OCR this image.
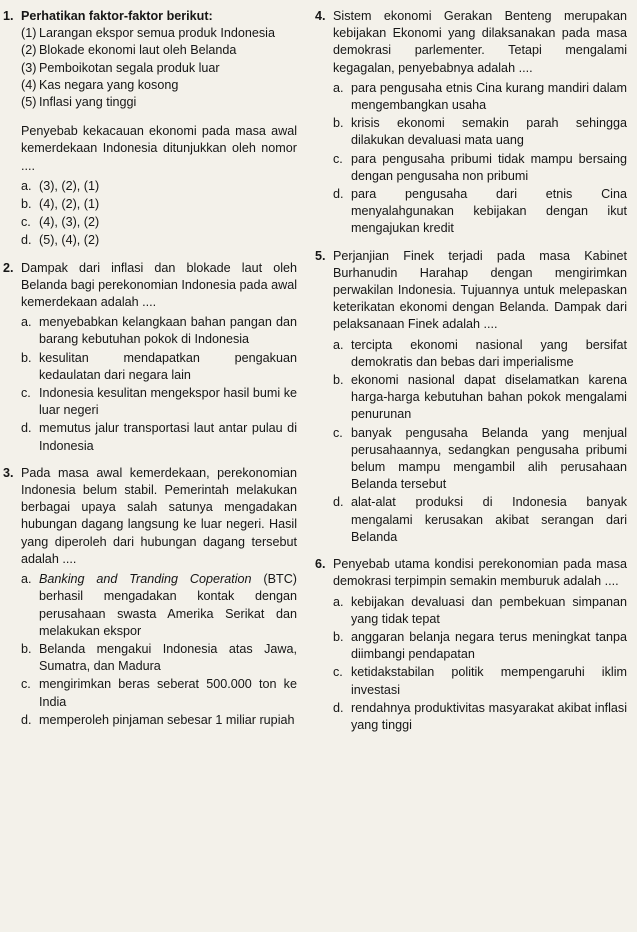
1. Perhatikan faktor-faktor berikut:
(1) Larangan ekspor semua produk Indonesia
(2) Blokade ekonomi laut oleh Belanda
(3) Pemboikotan segala produk luar
(4) Kas negara yang kosong
(5) Inflasi yang tinggi
Penyebab kekacauan ekonomi pada masa awal kemerdekaan Indonesia ditunjukkan oleh nomor ....
a. (3), (2), (1)
b. (4), (2), (1)
c. (4), (3), (2)
d. (5), (4), (2)
2. Dampak dari inflasi dan blokade laut oleh Belanda bagi perekonomian Indonesia pada awal kemerdekaan adalah ....
a. menyebabkan kelangkaan bahan pangan dan barang kebutuhan pokok di Indonesia
b. kesulitan mendapatkan pengakuan kedaulatan dari negara lain
c. Indonesia kesulitan mengekspor hasil bumi ke luar negeri
d. memutus jalur transportasi laut antar pulau di Indonesia
3. Pada masa awal kemerdekaan, perekonomian Indonesia belum stabil. Pemerintah melakukan berbagai upaya salah satunya mengadakan hubungan dagang langsung ke luar negeri. Hasil yang diperoleh dari hubungan dagang tersebut adalah ....
a. Banking and Tranding Coperation (BTC) berhasil mengadakan kontak dengan perusahaan swasta Amerika Serikat dan melakukan ekspor
b. Belanda mengakui Indonesia atas Jawa, Sumatra, dan Madura
c. mengirimkan beras seberat 500.000 ton ke India
d. memperoleh pinjaman sebesar 1 miliar rupiah
4. Sistem ekonomi Gerakan Benteng merupakan kebijakan Ekonomi yang dilaksanakan pada masa demokrasi parlementer. Tetapi mengalami kegagalan, penyebabnya adalah ....
a. para pengusaha etnis Cina kurang mandiri dalam mengembangkan usaha
b. krisis ekonomi semakin parah sehingga dilakukan devaluasi mata uang
c. para pengusaha pribumi tidak mampu bersaing dengan pengusaha non pribumi
d. para pengusaha dari etnis Cina menyalahgunakan kebijakan dengan ikut mengajukan kredit
5. Perjanjian Finek terjadi pada masa Kabinet Burhanudin Harahap dengan mengirimkan perwakilan Indonesia. Tujuannya untuk melepaskan keterikatan ekonomi dengan Belanda. Dampak dari pelaksanaan Finek adalah ....
a. tercipta ekonomi nasional yang bersifat demokratis dan bebas dari imperialisme
b. ekonomi nasional dapat diselamatkan karena harga-harga kebutuhan bahan pokok mengalami penurunan
c. banyak pengusaha Belanda yang menjual perusahaannya, sedangkan pengusaha pribumi belum mampu mengambil alih perusahaan Belanda tersebut
d. alat-alat produksi di Indonesia banyak mengalami kerusakan akibat serangan dari Belanda
6. Penyebab utama kondisi perekonomian pada masa demokrasi terpimpin semakin memburuk adalah ....
a. kebijakan devaluasi dan pembekuan simpanan yang tidak tepat
b. anggaran belanja negara terus meningkat tanpa diimbangi pendapatan
c. ketidakstabilan politik mempengaruhi iklim investasi
d. rendahnya produktivitas masyarakat akibat inflasi yang tinggi
